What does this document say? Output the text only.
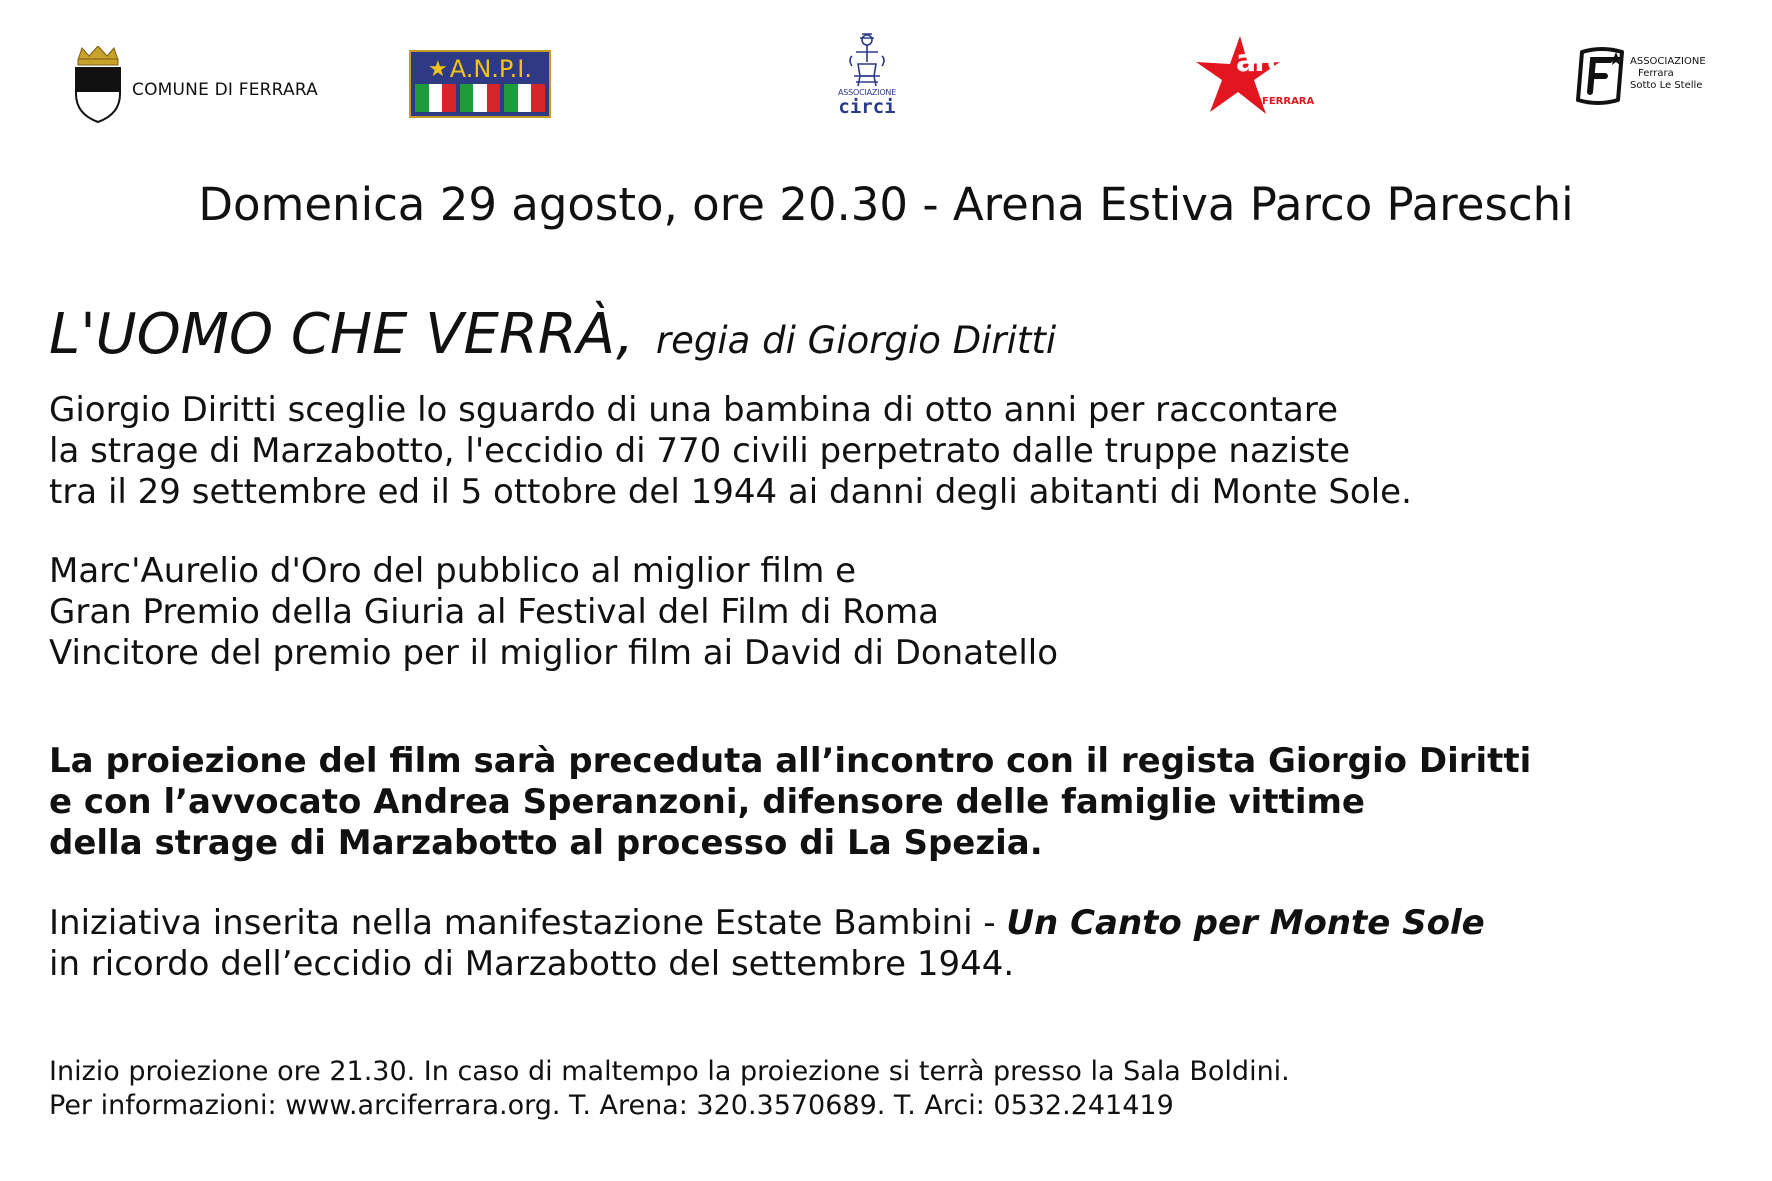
COMUNE DI FERRARA
★ A.N.P.I.
ASSOCIAZIONE
circi
arci
FERRARA
ASSOCIAZIONE
Ferrara
Sotto Le Stelle
Domenica 29 agosto, ore 20.30 - Arena Estiva Parco Pareschi
L'UOMO CHE VERRÀ, regia di Giorgio Diritti
Giorgio Diritti sceglie lo sguardo di una bambina di otto anni per raccontare
la strage di Marzabotto, l'eccidio di 770 civili perpetrato dalle truppe naziste
tra il 29 settembre ed il 5 ottobre del 1944 ai danni degli abitanti di Monte Sole.
Marc'Aurelio d'Oro del pubblico al miglior film e
Gran Premio della Giuria al Festival del Film di Roma
Vincitore del premio per il miglior film ai David di Donatello
La proiezione del film sarà preceduta all’incontro con il regista Giorgio Diritti
e con l’avvocato Andrea Speranzoni, difensore delle famiglie vittime
della strage di Marzabotto al processo di La Spezia.
Iniziativa inserita nella manifestazione Estate Bambini - Un Canto per Monte Sole
in ricordo dell’eccidio di Marzabotto del settembre 1944.
Inizio proiezione ore 21.30. In caso di maltempo la proiezione si terrà presso la Sala Boldini.
Per informazioni: www.arciferrara.org. T. Arena: 320.3570689. T. Arci: 0532.241419
